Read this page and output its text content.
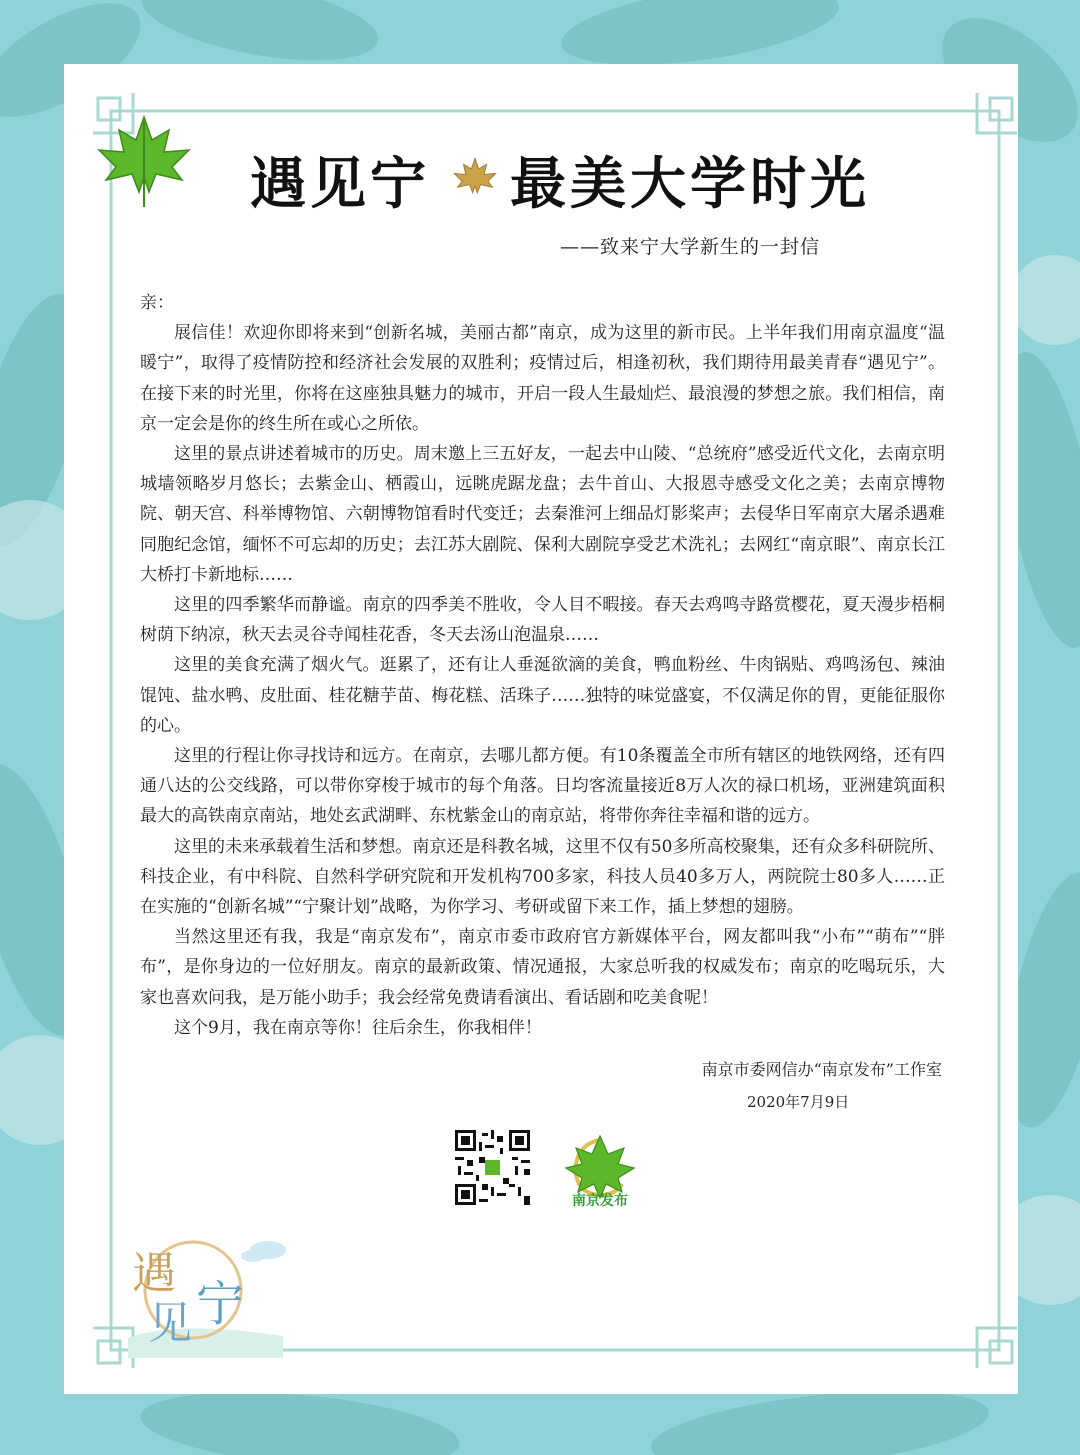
遇见宁 最美大学时光
——致来宁大学新生的一封信

亲：

展信佳！欢迎你即将来到“创新名城，美丽古都”南京，成为这里的新市民。上半年我们用南京温度“温暖宁”，取得了疫情防控和经济社会发展的双胜利；疫情过后，相逢初秋，我们期待用最美青春“遇见宁”。在接下来的时光里，你将在这座独具魅力的城市，开启一段人生最灿烂、最浪漫的梦想之旅。我们相信，南京一定会是你的终生所在或心之所依。

这里的景点讲述着城市的历史。周末邀上三五好友，一起去中山陵、“总统府”感受近代文化，去南京明城墙领略岁月悠长；去紫金山、栖霞山，远眺虎踞龙盘；去牛首山、大报恩寺感受文化之美；去南京博物院、朝天宫、科举博物馆、六朝博物馆看时代变迁；去秦淮河上细品灯影桨声；去侵华日军南京大屠杀遇难同胞纪念馆，缅怀不可忘却的历史；去江苏大剧院、保利大剧院享受艺术洗礼；去网红“南京眼”、南京长江大桥打卡新地标……

这里的四季繁华而静谧。南京的四季美不胜收，令人目不暇接。春天去鸡鸣寺路赏樱花，夏天漫步梧桐树荫下纳凉，秋天去灵谷寺闻桂花香，冬天去汤山泡温泉……

这里的美食充满了烟火气。逛累了，还有让人垂涎欲滴的美食，鸭血粉丝、牛肉锅贴、鸡鸣汤包、辣油馄饨、盐水鸭、皮肚面、桂花糖芋苗、梅花糕、活珠子……独特的味觉盛宴，不仅满足你的胃，更能征服你的心。

这里的行程让你寻找诗和远方。在南京，去哪儿都方便。有10条覆盖全市所有辖区的地铁网络，还有四通八达的公交线路，可以带你穿梭于城市的每个角落。日均客流量接近8万人次的禄口机场，亚洲建筑面积最大的高铁南京南站，地处玄武湖畔、东枕紫金山的南京站，将带你奔往幸福和谐的远方。

这里的未来承载着生活和梦想。南京还是科教名城，这里不仅有50多所高校聚集，还有众多科研院所、科技企业，有中科院、自然科学研究院和开发机构700多家，科技人员40多万人，两院院士80多人……正在实施的“创新名城”“宁聚计划”战略，为你学习、考研或留下来工作，插上梦想的翅膀。

当然这里还有我，我是“南京发布”，南京市委市政府官方新媒体平台，网友都叫我“小布”“萌布”“胖布”，是你身边的一位好朋友。南京的最新政策、情况通报，大家总听我的权威发布；南京的吃喝玩乐，大家也喜欢问我，是万能小助手；我会经常免费请看演出、看话剧和吃美食呢！

这个9月，我在南京等你！往后余生，你我相伴！

南京市委网信办“南京发布”工作室
2020年7月9日
南京发布
遇
见 宁
